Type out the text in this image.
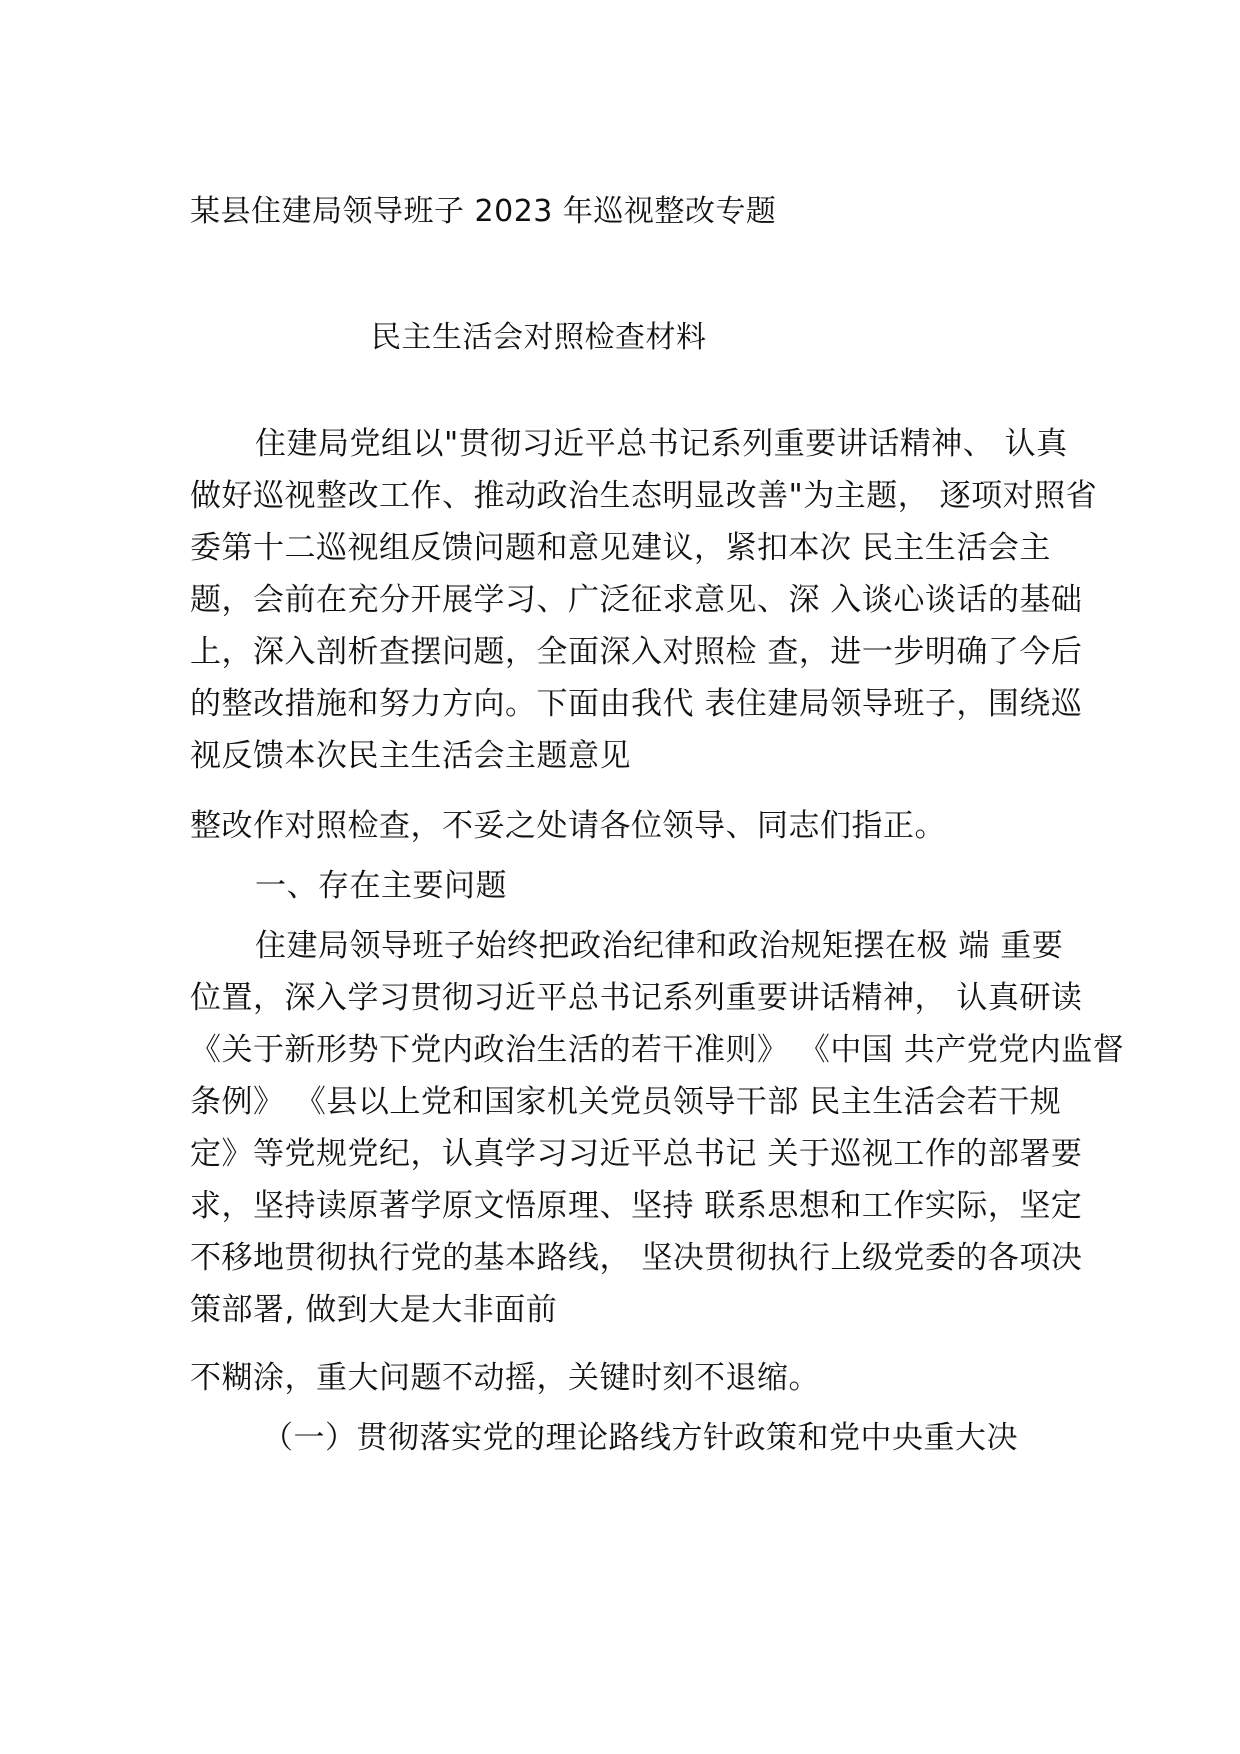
某县住建局领导班子 2023 年巡视整改专题
民主生活会对照检查材料
住建局党组以"贯彻习近平总书记系列重要讲话精神、 认真
做好巡视整改工作、推动政治生态明显改善"为主题， 逐项对照省
委第十二巡视组反馈问题和意见建议，紧扣本次 民主生活会主
题，会前在充分开展学习、广泛征求意见、深 入谈心谈话的基础
上，深入剖析查摆问题，全面深入对照检 查，进一步明确了今后
的整改措施和努力方向。下面由我代 表住建局领导班子，围绕巡
视反馈本次民主生活会主题意见
整改作对照检查，不妥之处请各位领导、同志们指正。
一、存在主要问题
住建局领导班子始终把政治纪律和政治规矩摆在极 端 重要
位置，深入学习贯彻习近平总书记系列重要讲话精神， 认真研读
《关于新形势下党内政治生活的若干准则》 《中国 共产党党内监督
条例》 《县以上党和国家机关党员领导干部 民主生活会若干规
定》等党规党纪，认真学习习近平总书记 关于巡视工作的部署要
求，坚持读原著学原文悟原理、坚持 联系思想和工作实际，坚定
不移地贯彻执行党的基本路线， 坚决贯彻执行上级党委的各项决
策部署, 做到大是大非面前
不糊涂，重大问题不动摇，关键时刻不退缩。
（一）贯彻落实党的理论路线方针政策和党中央重大决
